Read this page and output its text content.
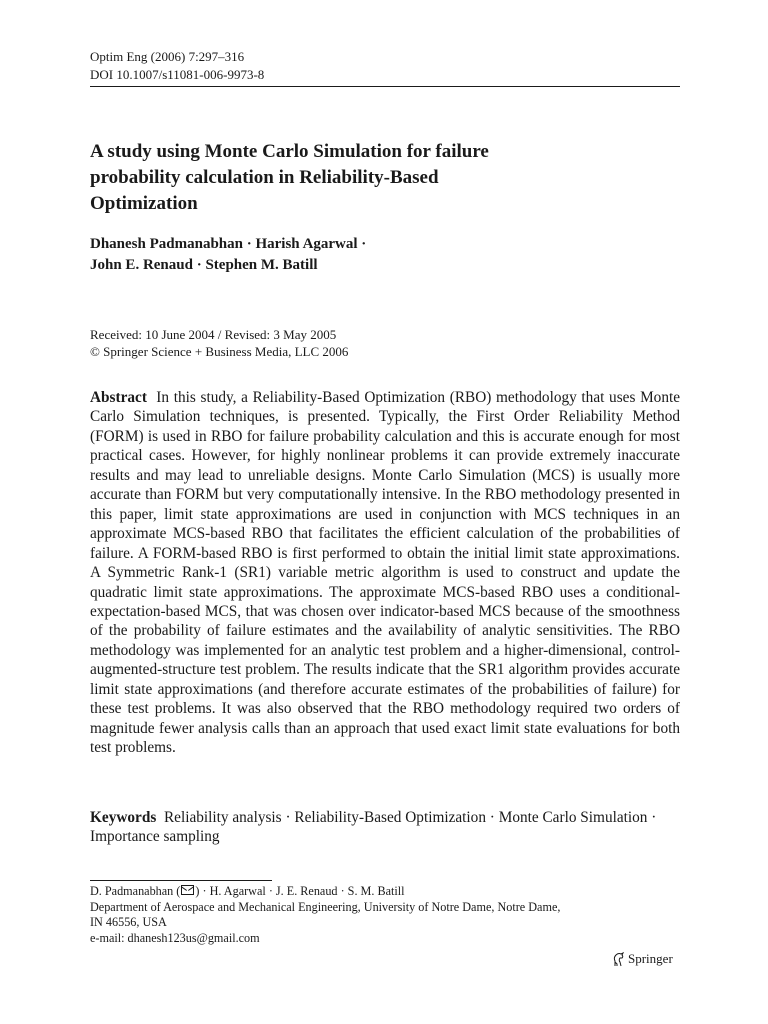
Optim Eng (2006) 7:297–316
DOI 10.1007/s11081-006-9973-8
A study using Monte Carlo Simulation for failure
probability calculation in Reliability-Based
Optimization
Dhanesh Padmanabhan · Harish Agarwal ·
John E. Renaud · Stephen M. Batill
Received: 10 June 2004 / Revised: 3 May 2005
© Springer Science + Business Media, LLC 2006

Abstract In this study, a Reliability-Based Optimization (RBO) methodology that uses Monte Carlo Simulation techniques, is presented. Typically, the First Order Reliability Method (FORM) is used in RBO for failure probability calculation and this is accurate enough for most practical cases. However, for highly nonlinear problems it can provide extremely inaccurate results and may lead to unreliable designs. Monte Carlo Simulation (MCS) is usually more accurate than FORM but very computationally intensive. In the RBO methodology presented in this paper, limit state approximations are used in conjunction with MCS techniques in an approximate MCS-based RBO that facilitates the efficient calculation of the probabilities of failure. A FORM-based RBO is first performed to obtain the initial limit state approximations. A Symmetric Rank-1 (SR1) variable metric algorithm is used to construct and update the quadratic limit state approximations. The approximate MCS-based RBO uses a conditional-expectation-based MCS, that was chosen over indicator-based MCS because of the smoothness of the probability of failure estimates and the availability of analytic sensitivities. The RBO methodology was implemented for an analytic test problem and a higher-dimensional, control-augmented-structure test problem. The results indicate that the SR1 algorithm provides accurate limit state approximations (and therefore accurate estimates of the probabilities of failure) for these test problems. It was also observed that the RBO methodology required two orders of magnitude fewer analysis calls than an approach that used exact limit state evaluations for both test problems.

Keywords Reliability analysis · Reliability-Based Optimization · Monte Carlo Simulation · Importance sampling

D. Padmanabhan ( ) · H. Agarwal · J. E. Renaud · S. M. Batill
Department of Aerospace and Mechanical Engineering, University of Notre Dame, Notre Dame,
IN 46556, USA
e-mail: dhanesh123us@gmail.com
Springer
